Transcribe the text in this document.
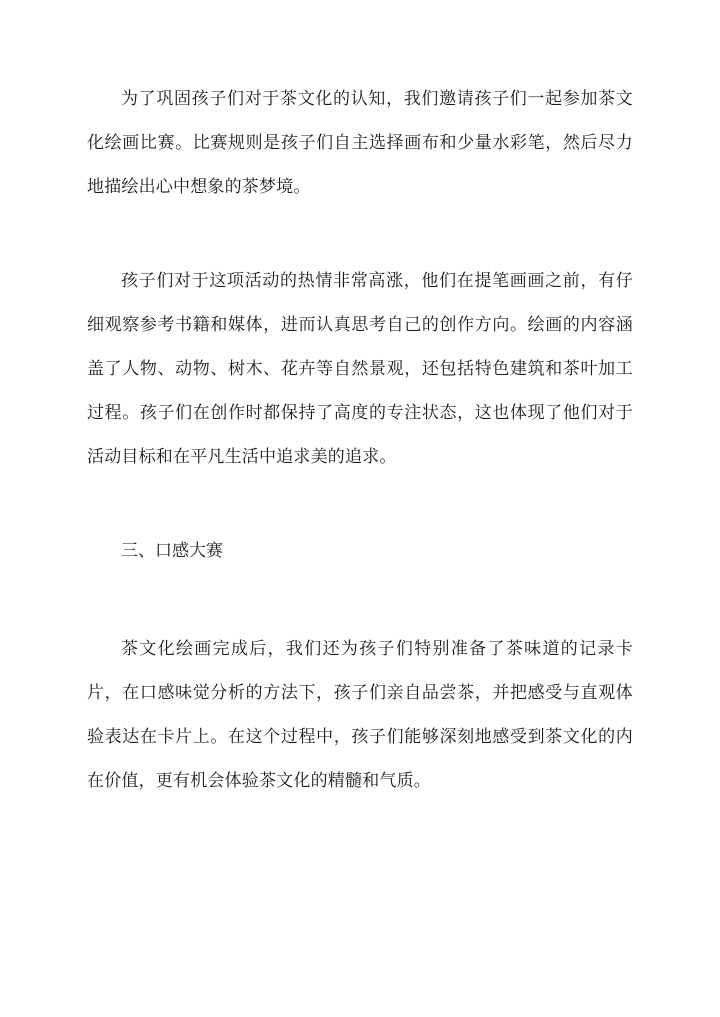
为了巩固孩子们对于茶文化的认知，我们邀请孩子们一起参加茶文化绘画比赛。比赛规则是孩子们自主选择画布和少量水彩笔，然后尽力地描绘出心中想象的茶梦境。

孩子们对于这项活动的热情非常高涨，他们在提笔画画之前，有仔细观察参考书籍和媒体，进而认真思考自己的创作方向。绘画的内容涵盖了人物、动物、树木、花卉等自然景观，还包括特色建筑和茶叶加工过程。孩子们在创作时都保持了高度的专注状态，这也体现了他们对于活动目标和在平凡生活中追求美的追求。

三、口感大赛

茶文化绘画完成后，我们还为孩子们特别准备了茶味道的记录卡片，在口感味觉分析的方法下，孩子们亲自品尝茶，并把感受与直观体验表达在卡片上。在这个过程中，孩子们能够深刻地感受到茶文化的内在价值，更有机会体验茶文化的精髓和气质。
